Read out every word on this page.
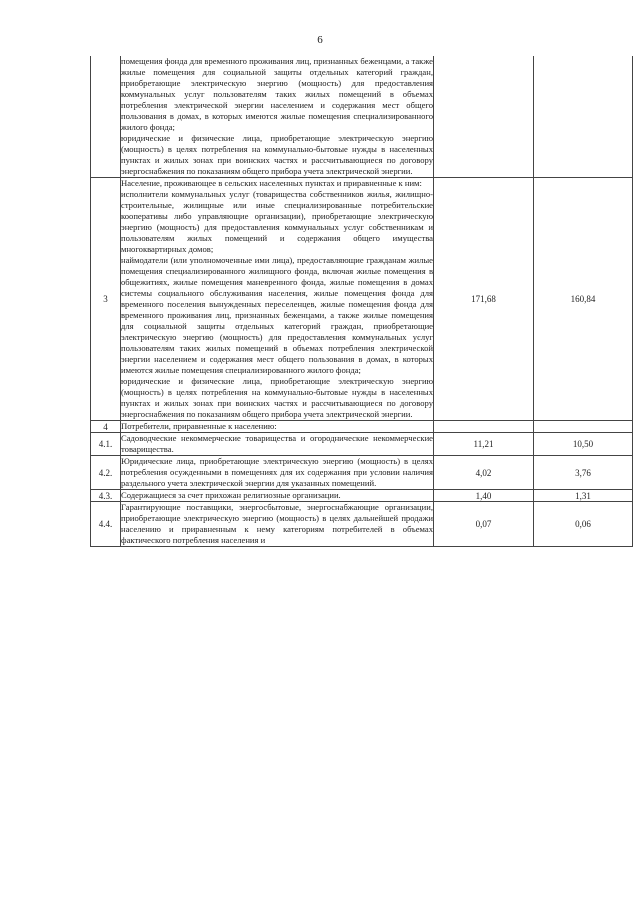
6

	помещения фонда для временного проживания лиц, признанных беженцами, а также жилые помещения для социальной защиты отдельных категорий граждан, приобретающие электрическую энергию (мощность) для предоставления коммунальных услуг пользователям таких жилых помещений в объемах потребления электрической энергии населением и содержания мест общего пользования в домах, в которых имеются жилые помещения специализированного жилого фонда;
юридические и физические лица, приобретающие электрическую энергию (мощность) в целях потребления на коммунально-бытовые нужды в населенных пунктах и жилых зонах при воинских частях и рассчитывающиеся по договору энергоснабжения по показаниям общего прибора учета электрической энергии.		

3	Население, проживающее в сельских населенных пунктах и приравненные к ним:
исполнители коммунальных услуг (товарищества собственников жилья, жилищно-строительные, жилищные или иные специализированные потребительские кооперативы либо управляющие организации), приобретающие электрическую энергию (мощность) для предоставления коммунальных услуг собственникам и пользователям жилых помещений и содержания общего имущества многоквартирных домов;
наймодатели (или уполномоченные ими лица), предоставляющие гражданам жилые помещения специализированного жилищного фонда, включая жилые помещения в общежитиях, жилые помещения маневренного фонда, жилые помещения в домах системы социального обслуживания населения, жилые помещения фонда для временного поселения вынужденных переселенцев, жилые помещения фонда для временного проживания лиц, признанных беженцами, а также жилые помещения для социальной защиты отдельных категорий граждан, приобретающие электрическую энергию (мощность) для предоставления коммунальных услуг пользователям таких жилых помещений в объемах потребления электрической энергии населением и содержания мест общего пользования в домах, в которых имеются жилые помещения специализированного жилого фонда;
юридические и физические лица, приобретающие электрическую энергию (мощность) в целях потребления на коммунально-бытовые нужды в населенных пунктах и жилых зонах при воинских частях и рассчитывающиеся по договору энергоснабжения по показаниям общего прибора учета электрической энергии.	171,68	160,84
4	Потребители, приравненные к населению:		

4.1.	Садоводческие некоммерческие товарищества и огороднические некоммерческие товарищества.	11,21	10,50
4.2.	Юридические лица, приобретающие электрическую энергию (мощность) в целях потребления осужденными в помещениях для их содержания при условии наличия раздельного учета электрической энергии для указанных помещений.	4,02	3,76
4.3.	Содержащиеся за счет прихожан религиозные организации.	1,40	1,31
4.4.	Гарантирующие поставщики, энергосбытовые, энергоснабжающие организации, приобретающие электрическую энергию (мощность) в целях дальнейшей продажи населению и приравненным к нему категориям потребителей в объемах фактического потребления населения и	0,07	0,06
